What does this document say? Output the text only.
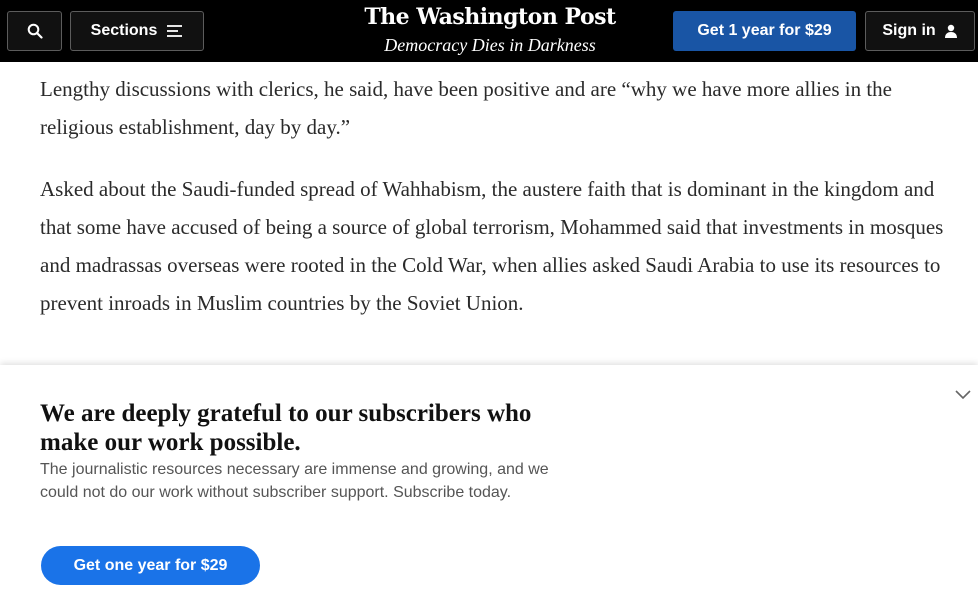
Sections
The Washington Post
Democracy Dies in Darkness
Get 1 year for $29	Sign in

Lengthy discussions with clerics, he said, have been positive and are “why we have more allies in the religious establishment, day by day.”

Asked about the Saudi-funded spread of Wahhabism, the austere faith that is dominant in the kingdom and that some have accused of being a source of global terrorism, Mohammed said that investments in mosques and madrassas overseas were rooted in the Cold War, when allies asked Saudi Arabia to use its resources to prevent inroads in Muslim countries by the Soviet Union.

We are deeply grateful to our subscribers who make our work possible.
The journalistic resources necessary are immense and growing, and we could not do our work without subscriber support. Subscribe today.
Get one year for $29
